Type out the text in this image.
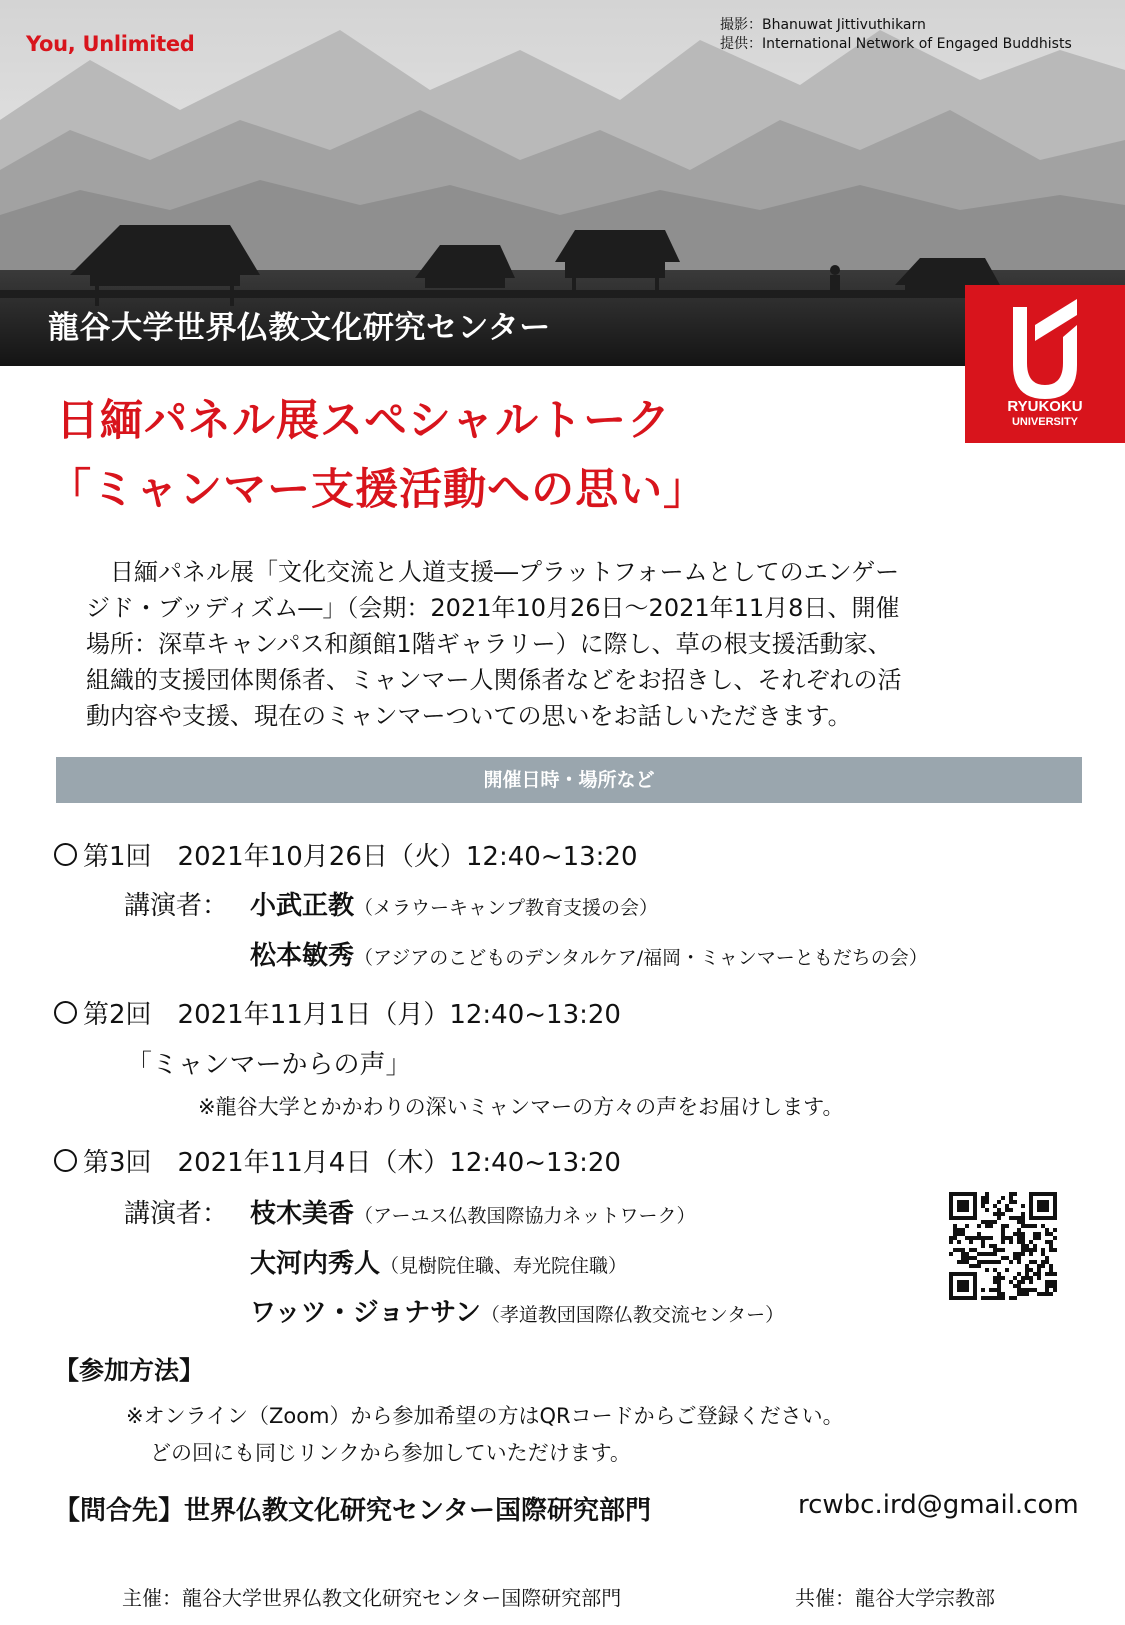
You, Unlimited
撮影：Bhanuwat Jittivuthikarn
提供：International Network of Engaged Buddhists
龍谷大学世界仏教文化研究センター
RYUKOKU
UNIVERSITY
日緬パネル展スペシャルトーク
「ミャンマー支援活動への思い」
　日緬パネル展「文化交流と人道支援―プラットフォームとしてのエンゲー
ジド・ブッディズム―」（会期：2021年10月26日～2021年11月8日、開催
場所：深草キャンパス和顔館1階ギャラリー）に際し、草の根支援活動家、
組織的支援団体関係者、ミャンマー人関係者などをお招きし、それぞれの活
動内容や支援、現在のミャンマーついての思いをお話しいただきます。
開催日時・場所など
第1回　2021年10月26日（火）12:40~13:20
講演者： 小武正教（メラウーキャンプ教育支援の会）
松本敏秀（アジアのこどものデンタルケア/福岡・ミャンマーともだちの会）
第2回　2021年11月1日（月）12:40~13:20
「ミャンマーからの声」
※龍谷大学とかかわりの深いミャンマーの方々の声をお届けします。
第3回　2021年11月4日（木）12:40~13:20
講演者： 枝木美香（アーユス仏教国際協力ネットワーク）
大河内秀人（見樹院住職、寿光院住職）
ワッツ・ジョナサン（孝道教団国際仏教交流センター）
【参加方法】
※オンライン（Zoom）から参加希望の方はQRコードからご登録ください。
どの回にも同じリンクから参加していただけます。
【問合先】世界仏教文化研究センター国際研究部門	rcwbc.ird@gmail.com
主催：龍谷大学世界仏教文化研究センター国際研究部門	共催：龍谷大学宗教部
